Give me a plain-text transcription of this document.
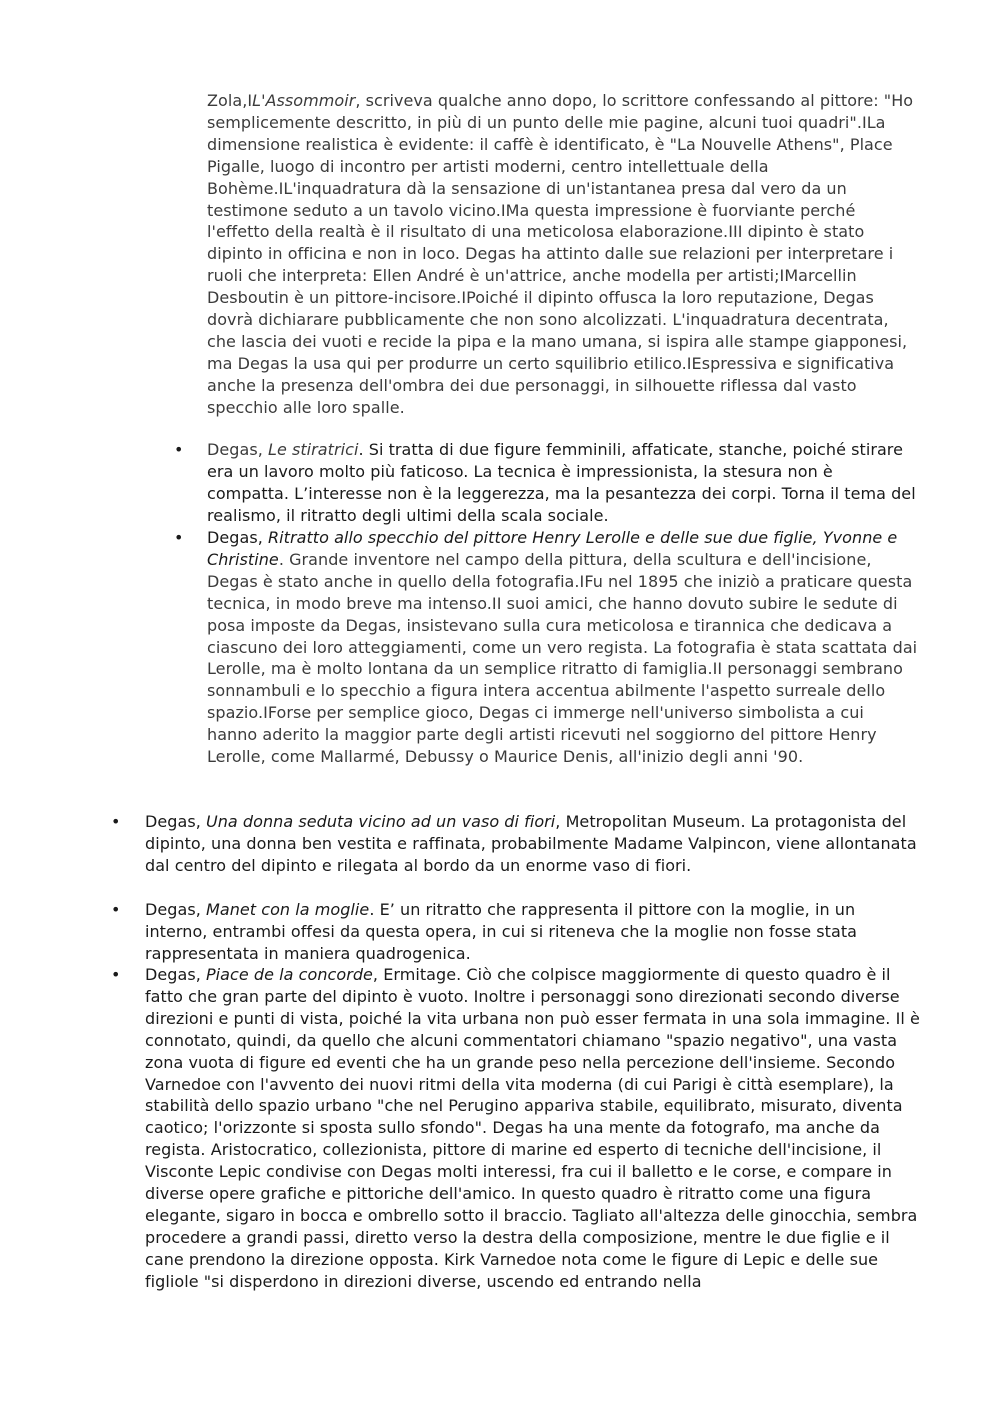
Zola,IL'Assommoir, scriveva qualche anno dopo, lo scrittore confessando al pittore: "Ho semplicemente descritto, in più di un punto delle mie pagine, alcuni tuoi quadri".ILa dimensione realistica è evidente: il caffè è identificato, è "La Nouvelle Athens", Place Pigalle, luogo di incontro per artisti moderni, centro intellettuale della Bohème.IL'inquadratura dà la sensazione di un'istantanea presa dal vero da un testimone seduto a un tavolo vicino.IMa questa impressione è fuorviante perché l'effetto della realtà è il risultato di una meticolosa elaborazione.III dipinto è stato dipinto in officina e non in loco. Degas ha attinto dalle sue relazioni per interpretare i ruoli che interpreta: Ellen André è un'attrice, anche modella per artisti;IMarcellin Desboutin è un pittore-incisore.IPoiché il dipinto offusca la loro reputazione, Degas dovrà dichiarare pubblicamente che non sono alcolizzati. L'inquadratura decentrata, che lascia dei vuoti e recide la pipa e la mano umana, si ispira alle stampe giapponesi, ma Degas la usa qui per produrre un certo squilibrio etilico.IEspressiva e significativa anche la presenza dell'ombra dei due personaggi, in silhouette riflessa dal vasto specchio alle loro spalle.

• Degas, Le stiratrici. Si tratta di due figure femminili, affaticate, stanche, poiché stirare era un lavoro molto più faticoso. La tecnica è impressionista, la stesura non è compatta. L’interesse non è la leggerezza, ma la pesantezza dei corpi. Torna il tema del realismo, il ritratto degli ultimi della scala sociale.

• Degas, Ritratto allo specchio del pittore Henry Lerolle e delle sue due figlie, Yvonne e Christine. Grande inventore nel campo della pittura, della scultura e dell'incisione, Degas è stato anche in quello della fotografia.IFu nel 1895 che iniziò a praticare questa tecnica, in modo breve ma intenso.II suoi amici, che hanno dovuto subire le sedute di posa imposte da Degas, insistevano sulla cura meticolosa e tirannica che dedicava a ciascuno dei loro atteggiamenti, come un vero regista. La fotografia è stata scattata dai Lerolle, ma è molto lontana da un semplice ritratto di famiglia.II personaggi sembrano sonnambuli e lo specchio a figura intera accentua abilmente l'aspetto surreale dello spazio.IForse per semplice gioco, Degas ci immerge nell'universo simbolista a cui hanno aderito la maggior parte degli artisti ricevuti nel soggiorno del pittore Henry Lerolle, come Mallarmé, Debussy o Maurice Denis, all'inizio degli anni '90.

• Degas, Una donna seduta vicino ad un vaso di fiori, Metropolitan Museum. La protagonista del dipinto, una donna ben vestita e raffinata, probabilmente Madame Valpincon, viene allontanata dal centro del dipinto e rilegata al bordo da un enorme vaso di fiori.

• Degas, Manet con la moglie. E’ un ritratto che rappresenta il pittore con la moglie, in un interno, entrambi offesi da questa opera, in cui si riteneva che la moglie non fosse stata rappresentata in maniera quadrogenica.

• Degas, Piace de la concorde, Ermitage. Ciò che colpisce maggiormente di questo quadro è il fatto che gran parte del dipinto è vuoto. Inoltre i personaggi sono direzionati secondo diverse direzioni e punti di vista, poiché la vita urbana non può esser fermata in una sola immagine. Il è connotato, quindi, da quello che alcuni commentatori chiamano "spazio negativo", una vasta zona vuota di figure ed eventi che ha un grande peso nella percezione dell'insieme. Secondo Varnedoe con l'avvento dei nuovi ritmi della vita moderna (di cui Parigi è città esemplare), la stabilità dello spazio urbano "che nel Perugino appariva stabile, equilibrato, misurato, diventa caotico; l'orizzonte si sposta sullo sfondo". Degas ha una mente da fotografo, ma anche da regista. Aristocratico, collezionista, pittore di marine ed esperto di tecniche dell'incisione, il Visconte Lepic condivise con Degas molti interessi, fra cui il balletto e le corse, e compare in diverse opere grafiche e pittoriche dell'amico. In questo quadro è ritratto come una figura elegante, sigaro in bocca e ombrello sotto il braccio. Tagliato all'altezza delle ginocchia, sembra procedere a grandi passi, diretto verso la destra della composizione, mentre le due figlie e il cane prendono la direzione opposta. Kirk Varnedoe nota come le figure di Lepic e delle sue figliole "si disperdono in direzioni diverse, uscendo ed entrando nella
